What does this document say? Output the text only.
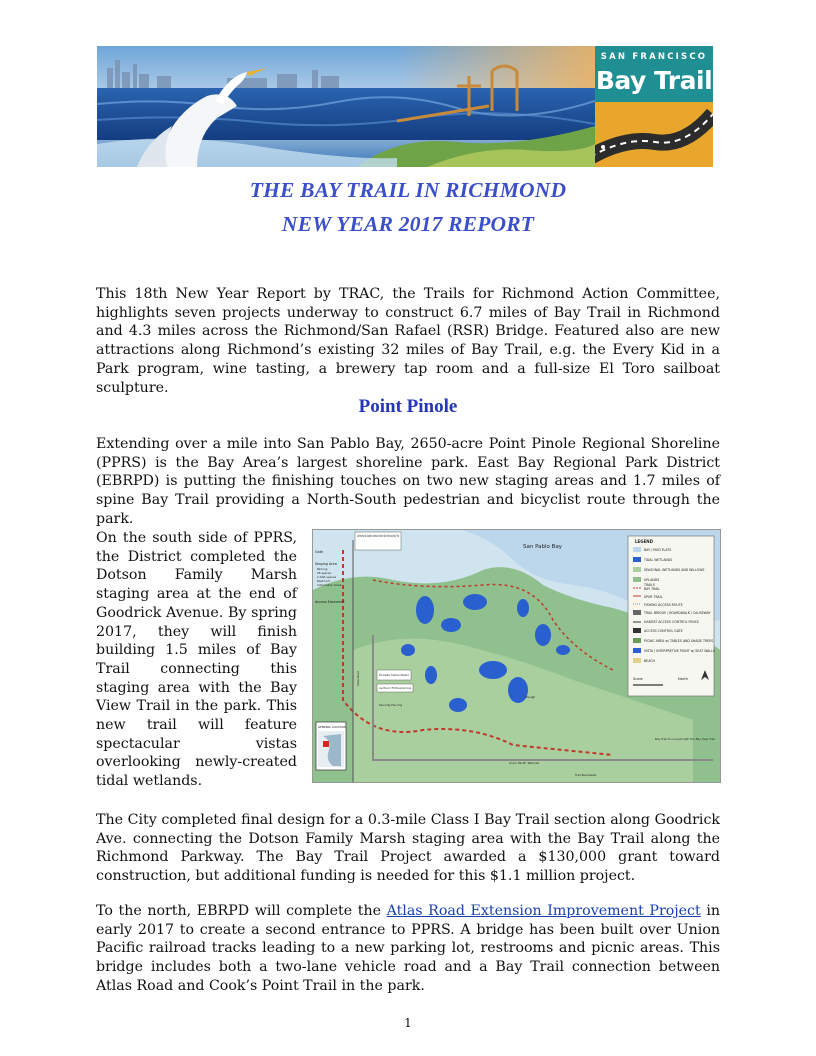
SAN FRANCISCO
Bay Trail
THE BAY TRAIL IN RICHMOND
NEW YEAR 2017 REPORT

This 18th New Year Report by TRAC, the Trails for Richmond Action Committee, highlights seven projects underway to construct 6.7 miles of Bay Trail in Richmond and 4.3 miles across the Richmond/San Rafael (RSR) Bridge. Featured also are new attractions along Richmond’s existing 32 miles of Bay Trail, e.g. the Every Kid in a Park program, wine tasting, a brewery tap room and a full-size El Toro sailboat sculpture.

Point Pinole

Extending over a mile into San Pablo Bay, 2650-acre Point Pinole Regional Shoreline (PPRS) is the Bay Area’s largest shoreline park. East Bay Regional Park District (EBRPD) is putting the finishing touches on two new staging areas and 1.7 miles of spine Bay Trail providing a North-South pedestrian and bicyclist route through the park.

On the south side of PPRS, the District completed the Dotson Family Marsh staging area at the end of Goodrick Avenue. By spring 2017, they will finish building 1.5 miles of Bay Trail connecting this staging area with the Bay View Trail in the park. This new trail will feature spectacular vistas overlooking newly-created tidal wetlands.

LEGEND
BAY / MUD FLATS
TIDAL WETLANDS
SEASONAL WETLANDS AND WILLOWS
UPLANDS
TRAILS
BAY TRAIL
SPUR TRAIL
FISHING ACCESS ROUTE
TRAIL BRIDGE / BOARDWALK / CAUSEWAY
HABITAT ACCESS CONTROL FENCE
ACCESS CONTROL GATE
PICNIC AREA w/ TABLES AND SHADE TREES
VISTA / INTERPRETIVE POINT w/ SEAT WALLS
BEACH
Scale	North
San Pablo Bay
Connection to Goodrick Avenue and the San Francisco Bay Trail
Gate
Staging Area
Parking
26 spaces
2 ADA spaces
Restroom
Information Kiosk
Access Easement
Atlas Road	Stormwater Treatment Wetland
Low Mound / Fill Placement Area
Security Fencing
Slough
Union Pacific Railroad
Trail Boardwalk
Bay Trail to connect with the Bay View Trail
GENERAL LOCATION

The City completed final design for a 0.3-mile Class I Bay Trail section along Goodrick Ave. connecting the Dotson Family Marsh staging area with the Bay Trail along the Richmond Parkway. The Bay Trail Project awarded a $130,000 grant toward construction, but additional funding is needed for this $1.1 million project.

To the north, EBRPD will complete the Atlas Road Extension Improvement Project in early 2017 to create a second entrance to PPRS. A bridge has been built over Union Pacific railroad tracks leading to a new parking lot, restrooms and picnic areas. This bridge includes both a two-lane vehicle road and a Bay Trail connection between Atlas Road and Cook’s Point Trail in the park.

1
